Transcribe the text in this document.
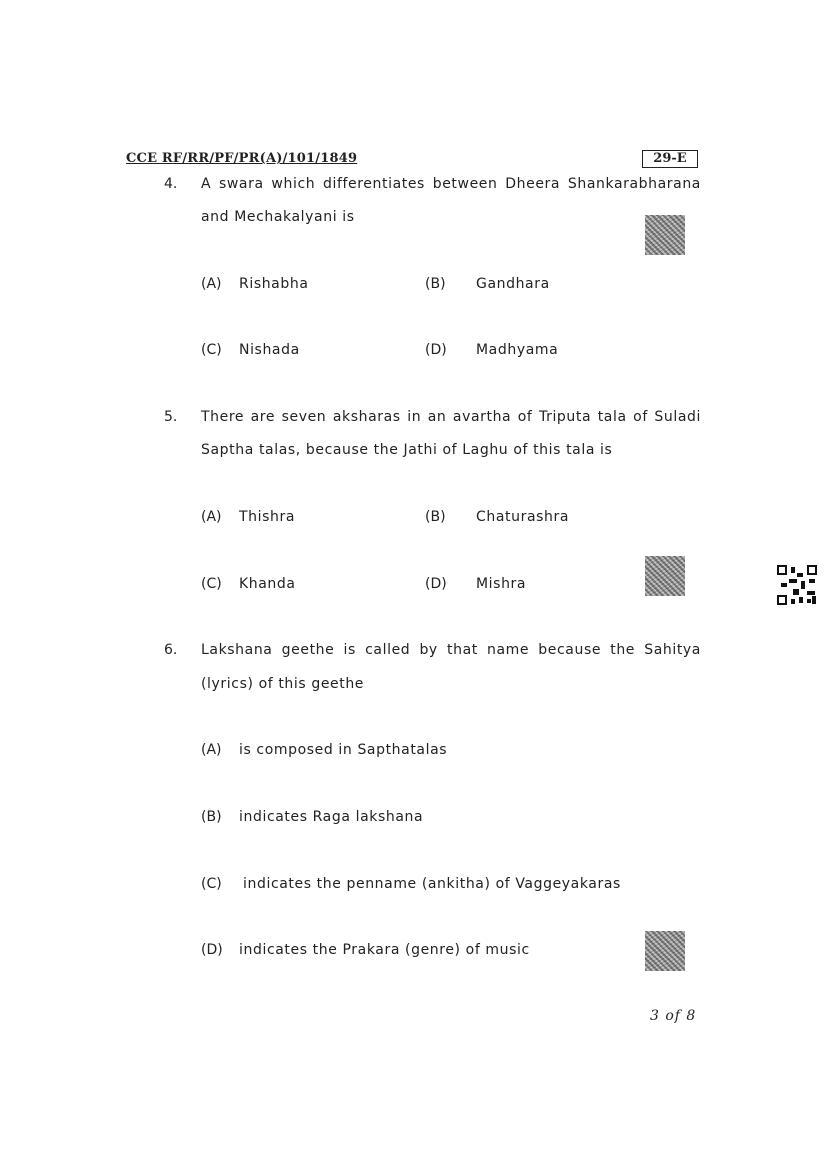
CCE RF/RR/PF/PR(A)/101/1849	29-E
4. A swara which differentiates between Dheera Shankarabharana
and Mechakalyani is
(A) Rishabha	(B) Gandhara
(C) Nishada	(D) Madhyama
5. There are seven aksharas in an avartha of Triputa tala of Suladi
Saptha talas, because the Jathi of Laghu of this tala is
(A) Thishra	(B) Chaturashra
(C) Khanda	(D) Mishra
6. Lakshana geethe is called by that name because the Sahitya
(lyrics) of this geethe
(A) is composed in Sapthatalas
(B) indicates Raga lakshana
(C) indicates the penname (ankitha) of Vaggeyakaras
(D) indicates the Prakara (genre) of music
3 of 8
